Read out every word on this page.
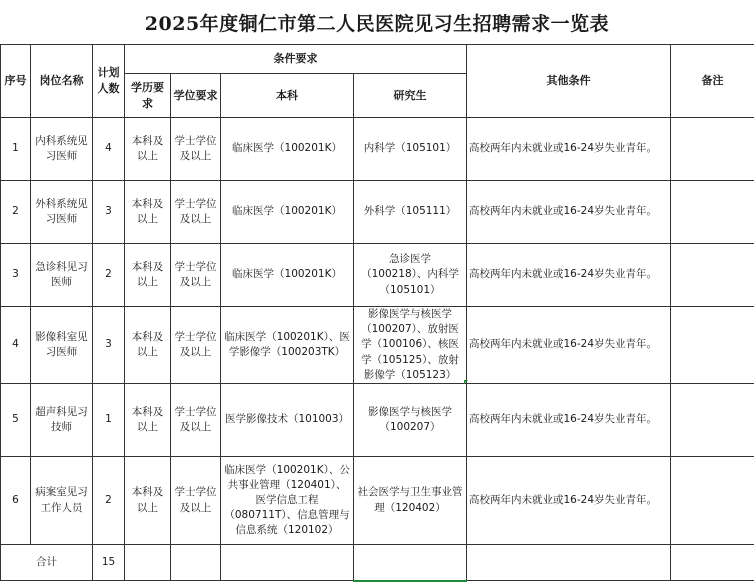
2025年度铜仁市第二人民医院见习生招聘需求一览表
序号	岗位名称	计划人数	条件要求				其他条件	备注
			学历要求	学位要求	本科	研究生		
1	内科系统见习医师	4	本科及以上	学士学位及以上	临床医学（100201K）	内科学（105101）	高校两年内未就业或16-24岁失业青年。	
2	外科系统见习医师	3	本科及以上	学士学位及以上	临床医学（100201K）	外科学（105111）	高校两年内未就业或16-24岁失业青年。	
3	急诊科见习医师	2	本科及以上	学士学位及以上	临床医学（100201K）	急诊医学（100218）、内科学（105101）	高校两年内未就业或16-24岁失业青年。	
4	影像科室见习医师	3	本科及以上	学士学位及以上	临床医学（100201K）、医学影像学（100203TK）	影像医学与核医学（100207）、放射医学（100106）、核医学（105125）、放射影像学（105123）	高校两年内未就业或16-24岁失业青年。	
5	超声科见习技师	1	本科及以上	学士学位及以上	医学影像技术（101003）	影像医学与核医学（100207）	高校两年内未就业或16-24岁失业青年。	
6	病案室见习工作人员	2	本科及以上	学士学位及以上	临床医学（100201K）、公共事业管理（120401）、医学信息工程（080711T）、信息管理与信息系统（120102）	社会医学与卫生事业管理（120402）	高校两年内未就业或16-24岁失业青年。	
合计		15						
